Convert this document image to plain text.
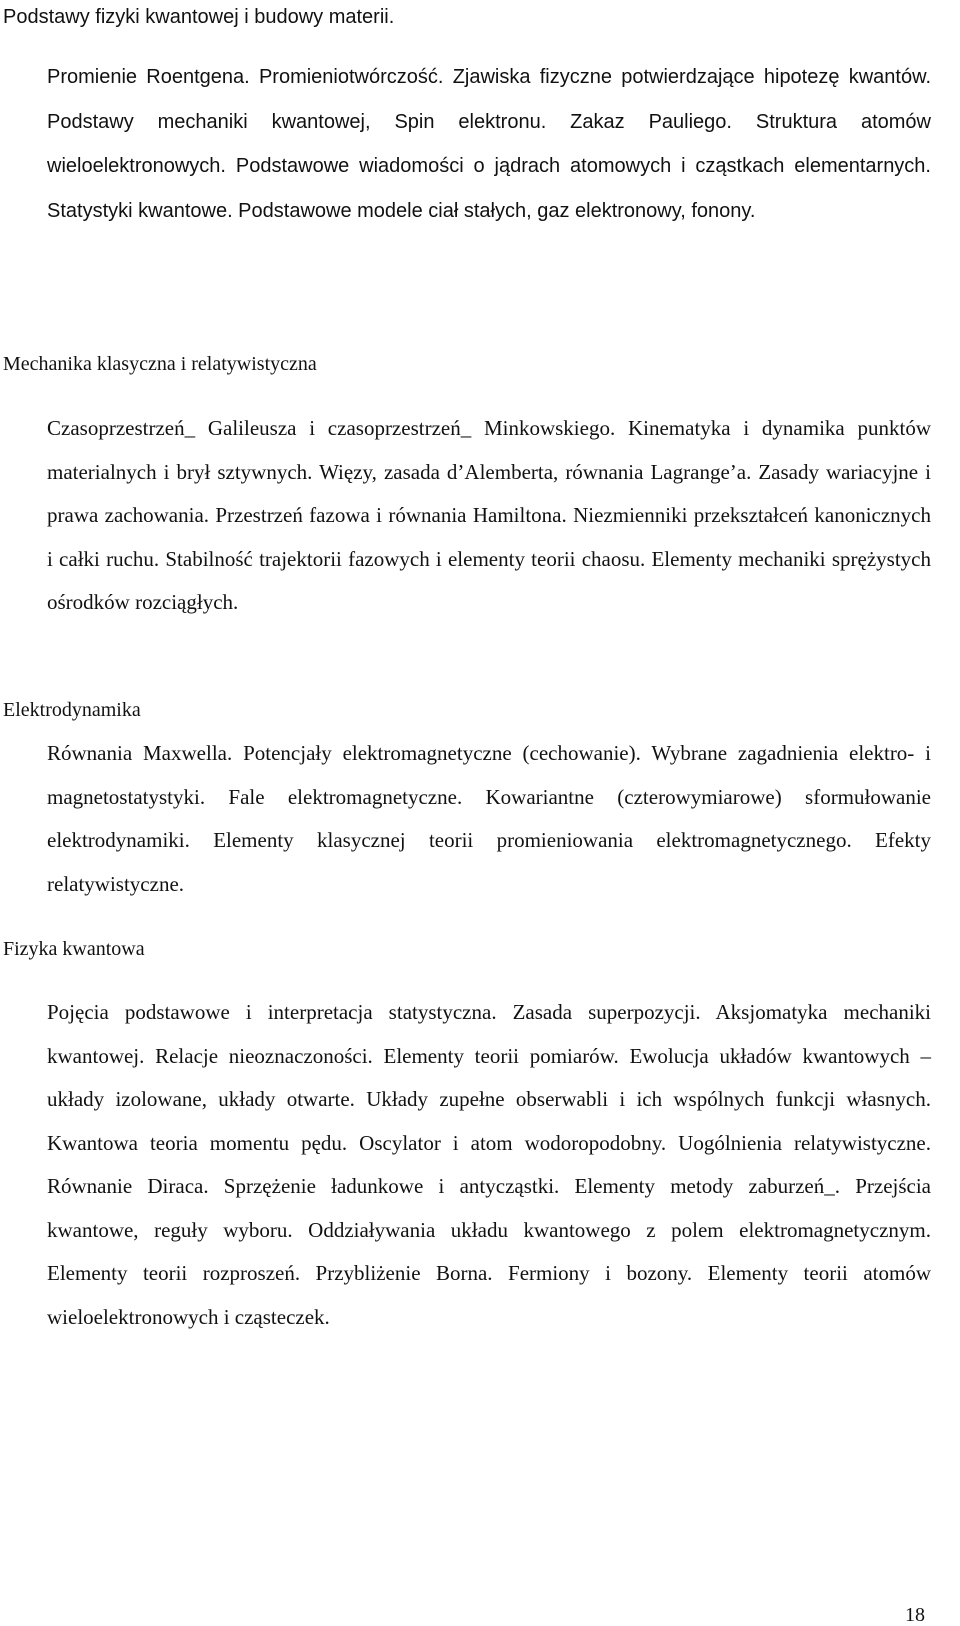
Podstawy fizyki kwantowej i budowy materii.

Promienie Roentgena. Promieniotwórczość. Zjawiska fizyczne potwierdzające hipotezę kwantów. Podstawy mechaniki kwantowej, Spin elektronu. Zakaz Pauliego. Struktura atomów wieloelektronowych. Podstawowe wiadomości o jądrach atomowych i cząstkach elementarnych. Statystyki kwantowe. Podstawowe modele ciał stałych, gaz elektronowy, fonony.

Mechanika klasyczna i relatywistyczna

Czasoprzestrzeń_ Galileusza i czasoprzestrzeń_ Minkowskiego. Kinematyka i dynamika punktów materialnych i brył sztywnych. Więzy, zasada d’Alemberta, równania Lagrange’a. Zasady wariacyjne i prawa zachowania. Przestrzeń fazowa i równania Hamiltona. Niezmienniki przekształceń kanonicznych i całki ruchu. Stabilność trajektorii fazowych i elementy teorii chaosu. Elementy mechaniki sprężystych ośrodków rozciągłych.

Elektrodynamika

Równania Maxwella. Potencjały elektromagnetyczne (cechowanie). Wybrane zagadnienia elektro- i magnetostatystyki. Fale elektromagnetyczne. Kowariantne (czterowymiarowe) sformułowanie elektrodynamiki. Elementy klasycznej teorii promieniowania elektromagnetycznego. Efekty relatywistyczne.

Fizyka kwantowa

Pojęcia podstawowe i interpretacja statystyczna. Zasada superpozycji. Aksjomatyka mechaniki kwantowej. Relacje nieoznaczoności. Elementy teorii pomiarów. Ewolucja układów kwantowych – układy izolowane, układy otwarte. Układy zupełne obserwabli i ich wspólnych funkcji własnych. Kwantowa teoria momentu pędu. Oscylator i atom wodoropodobny. Uogólnienia relatywistyczne. Równanie Diraca. Sprzężenie ładunkowe i antycząstki. Elementy metody zaburzeń_. Przejścia kwantowe, reguły wyboru. Oddziaływania układu kwantowego z polem elektromagnetycznym. Elementy teorii rozproszeń. Przybliżenie Borna. Fermiony i bozony. Elementy teorii atomów wieloelektronowych i cząsteczek.

18
